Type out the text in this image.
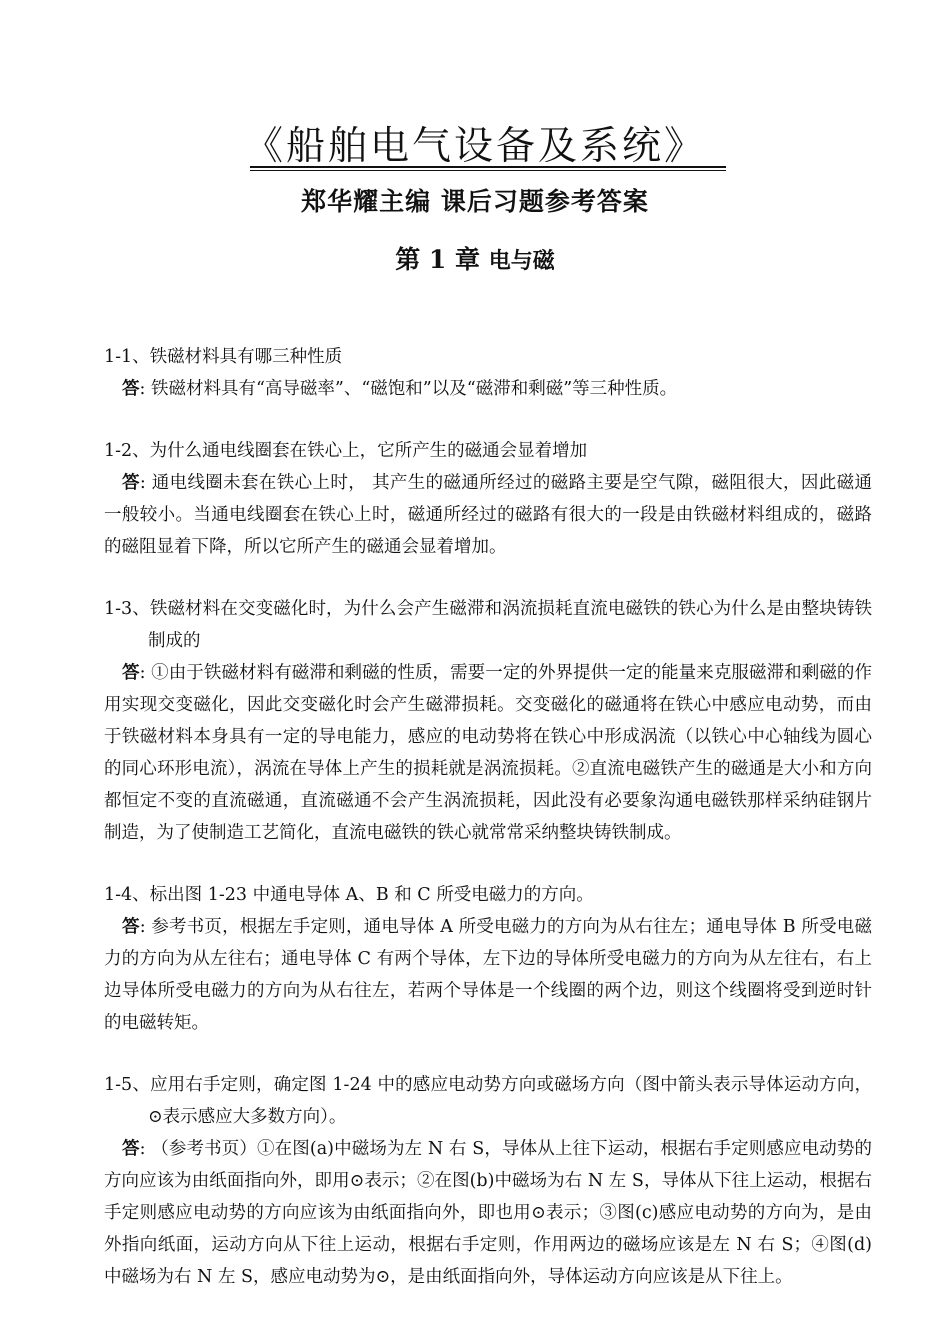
《船舶电气设备及系统》
郑华耀主编 课后习题参考答案
第 1 章 电与磁

1-1、铁磁材料具有哪三种性质

答: 铁磁材料具有“高导磁率”、“磁饱和”以及“磁滞和剩磁”等三种性质。

1-2、为什么通电线圈套在铁心上，它所产生的磁通会显着增加

答: 通电线圈未套在铁心上时， 其产生的磁通所经过的磁路主要是空气隙，磁阻很大，因此磁通一般较小。当通电线圈套在铁心上时，磁通所经过的磁路有很大的一段是由铁磁材料组成的，磁路的磁阻显着下降，所以它所产生的磁通会显着增加。

1-3、铁磁材料在交变磁化时，为什么会产生磁滞和涡流损耗直流电磁铁的铁心为什么是由整块铸铁制成的

答: ①由于铁磁材料有磁滞和剩磁的性质，需要一定的外界提供一定的能量来克服磁滞和剩磁的作用实现交变磁化，因此交变磁化时会产生磁滞损耗。交变磁化的磁通将在铁心中感应电动势，而由于铁磁材料本身具有一定的导电能力，感应的电动势将在铁心中形成涡流（以铁心中心轴线为圆心的同心环形电流），涡流在导体上产生的损耗就是涡流损耗。②直流电磁铁产生的磁通是大小和方向都恒定不变的直流磁通，直流磁通不会产生涡流损耗，因此没有必要象沟通电磁铁那样采纳硅钢片制造，为了使制造工艺简化，直流电磁铁的铁心就常常采纳整块铸铁制成。

1-4、标出图 1-23 中通电导体 A、B 和 C 所受电磁力的方向。

答: 参考书页，根据左手定则，通电导体 A 所受电磁力的方向为从右往左；通电导体 B 所受电磁力的方向为从左往右；通电导体 C 有两个导体，左下边的导体所受电磁力的方向为从左往右，右上边导体所受电磁力的方向为从右往左，若两个导体是一个线圈的两个边，则这个线圈将受到逆时针的电磁转矩。

1-5、应用右手定则，确定图 1-24 中的感应电动势方向或磁场方向（图中箭头表示导体运动方向，⊙表示感应大多数方向）。

答: （参考书页）①在图(a)中磁场为左 N 右 S，导体从上往下运动，根据右手定则感应电动势的方向应该为由纸面指向外，即用⊙表示；②在图(b)中磁场为右 N 左 S，导体从下往上运动，根据右手定则感应电动势的方向应该为由纸面指向外，即也用⊙表示；③图(c)感应电动势的方向为，是由外指向纸面，运动方向从下往上运动，根据右手定则，作用两边的磁场应该是左 N 右 S；④图(d)中磁场为右 N 左 S，感应电动势为⊙，是由纸面指向外，导体运动方向应该是从下往上。
